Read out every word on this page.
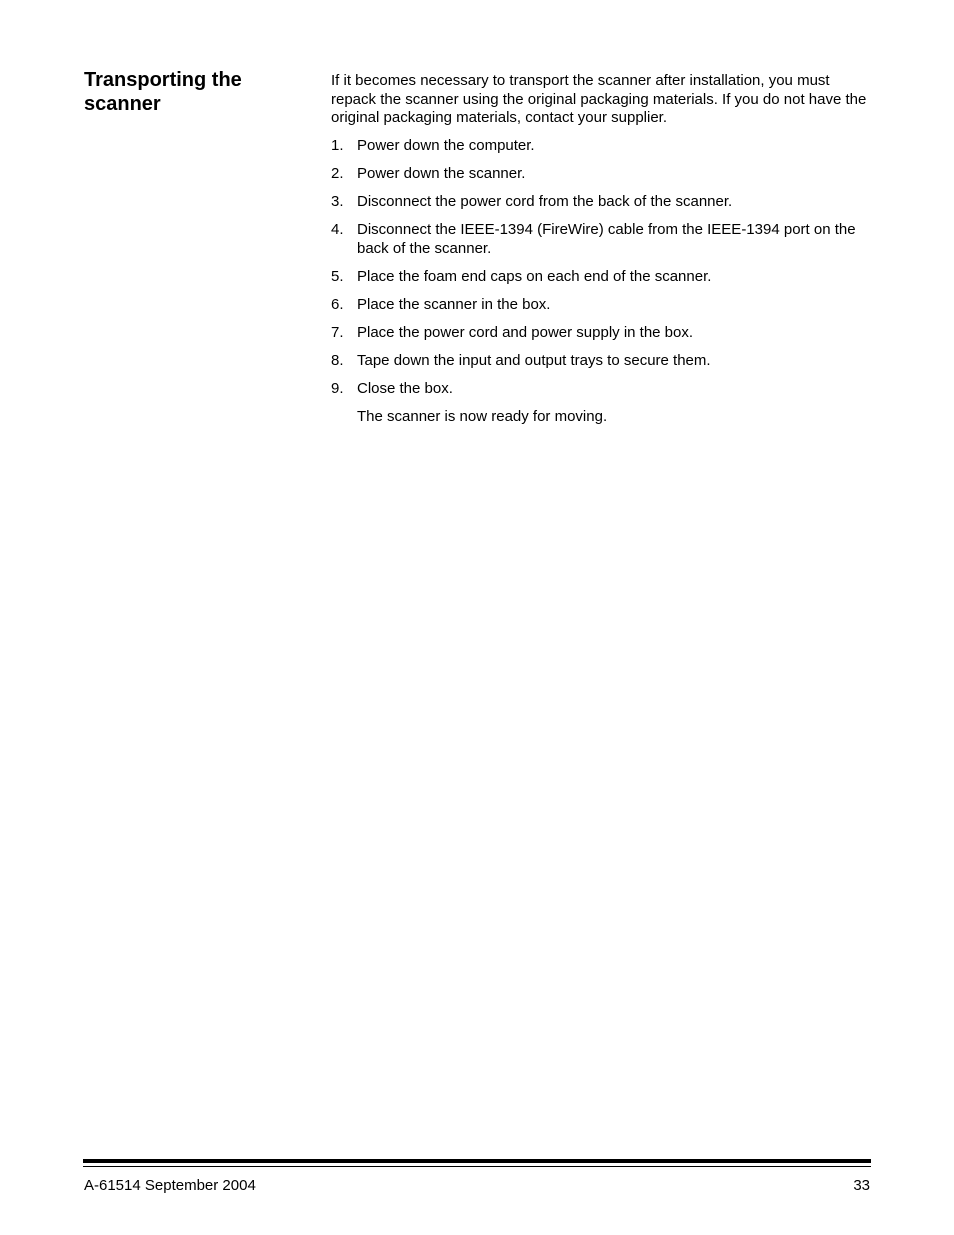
Transporting the scanner

If it becomes necessary to transport the scanner after installation, you must repack the scanner using the original packaging materials. If you do not have the original packaging materials, contact your supplier.

1. Power down the computer.
2. Power down the scanner.
3. Disconnect the power cord from the back of the scanner.
4. Disconnect the IEEE-1394 (FireWire) cable from the IEEE-1394 port on the back of the scanner.
5. Place the foam end caps on each end of the scanner.
6. Place the scanner in the box.
7. Place the power cord and power supply in the box.
8. Tape down the input and output trays to secure them.
9. Close the box.

The scanner is now ready for moving.

A-61514 September 2004	33
